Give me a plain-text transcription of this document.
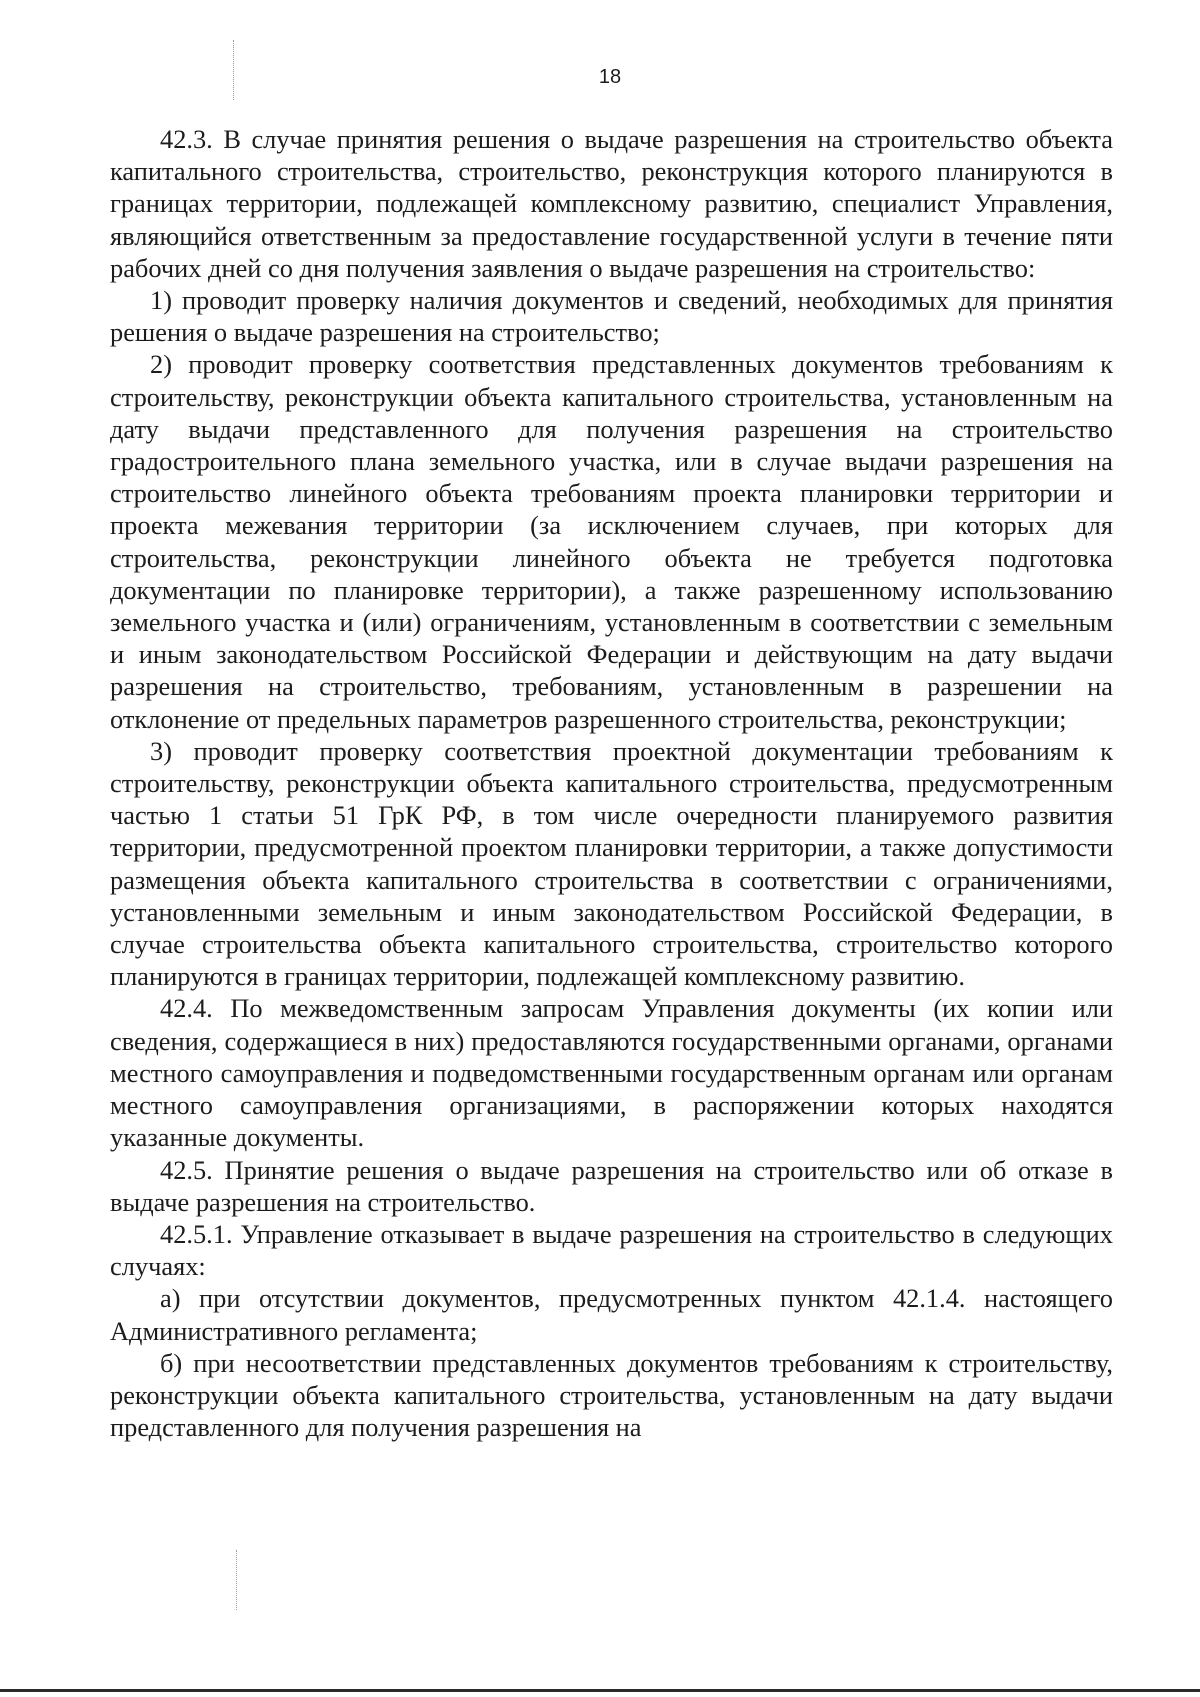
18

42.3. В случае принятия решения о выдаче разрешения на строительство объекта капитального строительства, строительство, реконструкция которого планируются в границах территории, подлежащей комплексному развитию, специалист Управления, являющийся ответственным за предоставление государственной услуги в течение пяти рабочих дней со дня получения заявления о выдаче разрешения на строительство:

1) проводит проверку наличия документов и сведений, необходимых для принятия решения о выдаче разрешения на строительство;

2) проводит проверку соответствия представленных документов требованиям к строительству, реконструкции объекта капитального строительства, установленным на дату выдачи представленного для получения разрешения на строительство градостроительного плана земельного участка, или в случае выдачи разрешения на строительство линейного объекта требованиям проекта планировки территории и проекта межевания территории (за исключением случаев, при которых для строительства, реконструкции линейного объекта не требуется подготовка документации по планировке территории), а также разрешенному использованию земельного участка и (или) ограничениям, установленным в соответствии с земельным и иным законодательством Российской Федерации и действующим на дату выдачи разрешения на строительство, требованиям, установленным в разрешении на отклонение от предельных параметров разрешенного строительства, реконструкции;

3) проводит проверку соответствия проектной документации требованиям к строительству, реконструкции объекта капитального строительства, предусмотренным частью 1 статьи 51 ГрК РФ, в том числе очередности планируемого развития территории, предусмотренной проектом планировки территории, а также допустимости размещения объекта капитального строительства в соответствии с ограничениями, установленными земельным и иным законодательством Российской Федерации, в случае строительства объекта капитального строительства, строительство которого планируются в границах территории, подлежащей комплексному развитию.

42.4. По межведомственным запросам Управления документы (их копии или сведения, содержащиеся в них) предоставляются государственными органами, органами местного самоуправления и подведомственными государственным органам или органам местного самоуправления организациями, в распоряжении которых находятся указанные документы.

42.5. Принятие решения о выдаче разрешения на строительство или об отказе в выдаче разрешения на строительство.

42.5.1. Управление отказывает в выдаче разрешения на строительство в следующих случаях:

а) при отсутствии документов, предусмотренных пунктом 42.1.4. настоящего Административного регламента;

б) при несоответствии представленных документов требованиям к строительству, реконструкции объекта капитального строительства, установленным на дату выдачи представленного для получения разрешения на
